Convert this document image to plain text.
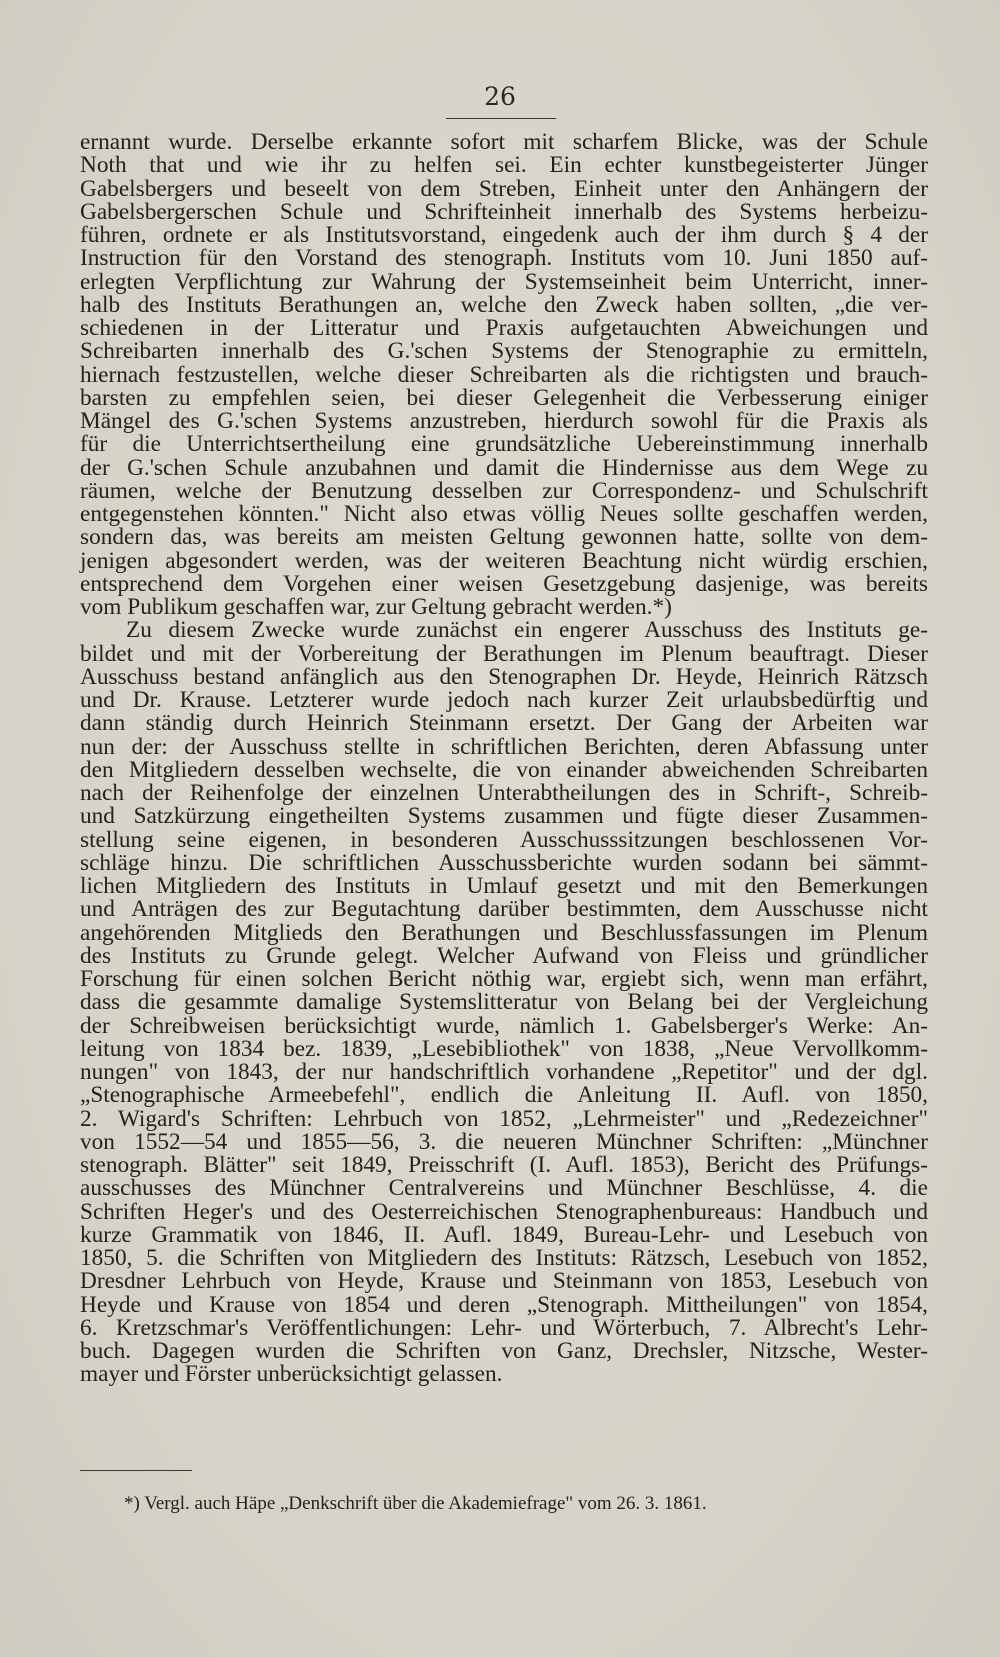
26
ernannt wurde. Derselbe erkannte sofort mit scharfem Blicke, was der Schule
Noth that und wie ihr zu helfen sei. Ein echter kunstbegeisterter Jünger
Gabelsbergers und beseelt von dem Streben, Einheit unter den Anhängern der
Gabelsbergerschen Schule und Schrifteinheit innerhalb des Systems herbeizu-
führen, ordnete er als Institutsvorstand, eingedenk auch der ihm durch § 4 der
Instruction für den Vorstand des stenograph. Instituts vom 10. Juni 1850 auf-
erlegten Verpflichtung zur Wahrung der Systemseinheit beim Unterricht, inner-
halb des Instituts Berathungen an, welche den Zweck haben sollten, „die ver-
schiedenen in der Litteratur und Praxis aufgetauchten Abweichungen und
Schreibarten innerhalb des G.'schen Systems der Stenographie zu ermitteln,
hiernach festzustellen, welche dieser Schreibarten als die richtigsten und brauch-
barsten zu empfehlen seien, bei dieser Gelegenheit die Verbesserung einiger
Mängel des G.'schen Systems anzustreben, hierdurch sowohl für die Praxis als
für die Unterrichtsertheilung eine grundsätzliche Uebereinstimmung innerhalb
der G.'schen Schule anzubahnen und damit die Hindernisse aus dem Wege zu
räumen, welche der Benutzung desselben zur Correspondenz- und Schulschrift
entgegenstehen könnten." Nicht also etwas völlig Neues sollte geschaffen werden,
sondern das, was bereits am meisten Geltung gewonnen hatte, sollte von dem-
jenigen abgesondert werden, was der weiteren Beachtung nicht würdig erschien,
entsprechend dem Vorgehen einer weisen Gesetzgebung dasjenige, was bereits
vom Publikum geschaffen war, zur Geltung gebracht werden.*)
Zu diesem Zwecke wurde zunächst ein engerer Ausschuss des Instituts ge-
bildet und mit der Vorbereitung der Berathungen im Plenum beauftragt. Dieser
Ausschuss bestand anfänglich aus den Stenographen Dr. Heyde, Heinrich Rätzsch
und Dr. Krause. Letzterer wurde jedoch nach kurzer Zeit urlaubsbedürftig und
dann ständig durch Heinrich Steinmann ersetzt. Der Gang der Arbeiten war
nun der: der Ausschuss stellte in schriftlichen Berichten, deren Abfassung unter
den Mitgliedern desselben wechselte, die von einander abweichenden Schreibarten
nach der Reihenfolge der einzelnen Unterabtheilungen des in Schrift-, Schreib-
und Satzkürzung eingetheilten Systems zusammen und fügte dieser Zusammen-
stellung seine eigenen, in besonderen Ausschusssitzungen beschlossenen Vor-
schläge hinzu. Die schriftlichen Ausschussberichte wurden sodann bei sämmt-
lichen Mitgliedern des Instituts in Umlauf gesetzt und mit den Bemerkungen
und Anträgen des zur Begutachtung darüber bestimmten, dem Ausschusse nicht
angehörenden Mitglieds den Berathungen und Beschlussfassungen im Plenum
des Instituts zu Grunde gelegt. Welcher Aufwand von Fleiss und gründlicher
Forschung für einen solchen Bericht nöthig war, ergiebt sich, wenn man erfährt,
dass die gesammte damalige Systemslitteratur von Belang bei der Vergleichung
der Schreibweisen berücksichtigt wurde, nämlich 1. Gabelsberger's Werke: An-
leitung von 1834 bez. 1839, „Lesebibliothek" von 1838, „Neue Vervollkomm-
nungen" von 1843, der nur handschriftlich vorhandene „Repetitor" und der dgl.
„Stenographische Armeebefehl", endlich die Anleitung II. Aufl. von 1850,
2. Wigard's Schriften: Lehrbuch von 1852, „Lehrmeister" und „Redezeichner"
von 1552—54 und 1855—56, 3. die neueren Münchner Schriften: „Münchner
stenograph. Blätter" seit 1849, Preisschrift (I. Aufl. 1853), Bericht des Prüfungs-
ausschusses des Münchner Centralvereins und Münchner Beschlüsse, 4. die
Schriften Heger's und des Oesterreichischen Stenographenbureaus: Handbuch und
kurze Grammatik von 1846, II. Aufl. 1849, Bureau-Lehr- und Lesebuch von
1850, 5. die Schriften von Mitgliedern des Instituts: Rätzsch, Lesebuch von 1852,
Dresdner Lehrbuch von Heyde, Krause und Steinmann von 1853, Lesebuch von
Heyde und Krause von 1854 und deren „Stenograph. Mittheilungen" von 1854,
6. Kretzschmar's Veröffentlichungen: Lehr- und Wörterbuch, 7. Albrecht's Lehr-
buch. Dagegen wurden die Schriften von Ganz, Drechsler, Nitzsche, Wester-
mayer und Förster unberücksichtigt gelassen.
*) Vergl. auch Häpe „Denkschrift über die Akademiefrage" vom 26. 3. 1861.
